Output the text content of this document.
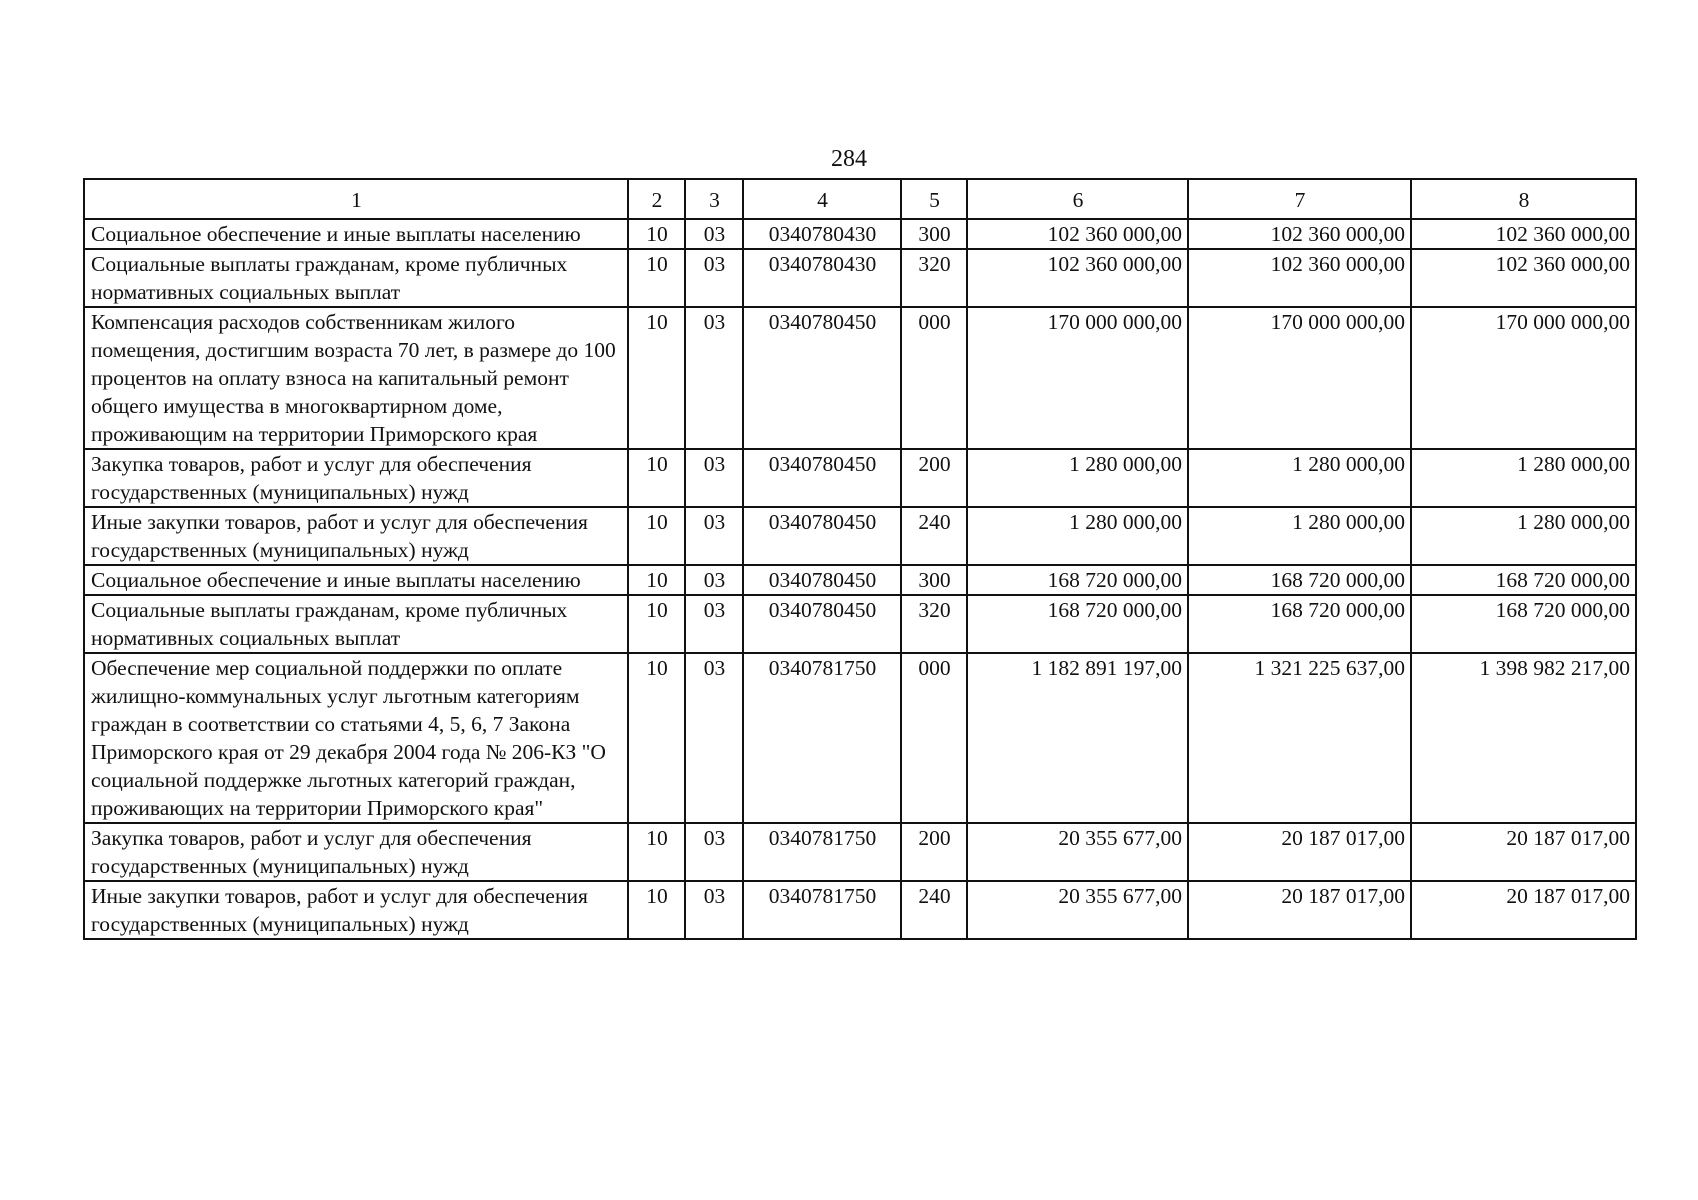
284
1	2	3	4	5	6	7	8
Социальное обеспечение и иные выплаты населению	10	03	0340780430	300	102 360 000,00	102 360 000,00	102 360 000,00
Социальные выплаты гражданам, кроме публичных нормативных социальных выплат	10	03	0340780430	320	102 360 000,00	102 360 000,00	102 360 000,00
Компенсация расходов собственникам жилого помещения, достигшим возраста 70 лет, в размере до 100 процентов на оплату взноса на капитальный ремонт общего имущества в многоквартирном доме, проживающим на территории Приморского края	10	03	0340780450	000	170 000 000,00	170 000 000,00	170 000 000,00
Закупка товаров, работ и услуг для обеспечения государственных (муниципальных) нужд	10	03	0340780450	200	1 280 000,00	1 280 000,00	1 280 000,00
Иные закупки товаров, работ и услуг для обеспечения государственных (муниципальных) нужд	10	03	0340780450	240	1 280 000,00	1 280 000,00	1 280 000,00
Социальное обеспечение и иные выплаты населению	10	03	0340780450	300	168 720 000,00	168 720 000,00	168 720 000,00
Социальные выплаты гражданам, кроме публичных нормативных социальных выплат	10	03	0340780450	320	168 720 000,00	168 720 000,00	168 720 000,00
Обеспечение мер социальной поддержки по оплате жилищно-коммунальных услуг льготным категориям граждан в соответствии со статьями 4, 5, 6, 7 Закона Приморского края от 29 декабря 2004 года № 206-КЗ "О социальной поддержке льготных категорий граждан, проживающих на территории Приморского края"	10	03	0340781750	000	1 182 891 197,00	1 321 225 637,00	1 398 982 217,00
Закупка товаров, работ и услуг для обеспечения государственных (муниципальных) нужд	10	03	0340781750	200	20 355 677,00	20 187 017,00	20 187 017,00
Иные закупки товаров, работ и услуг для обеспечения государственных (муниципальных) нужд	10	03	0340781750	240	20 355 677,00	20 187 017,00	20 187 017,00
